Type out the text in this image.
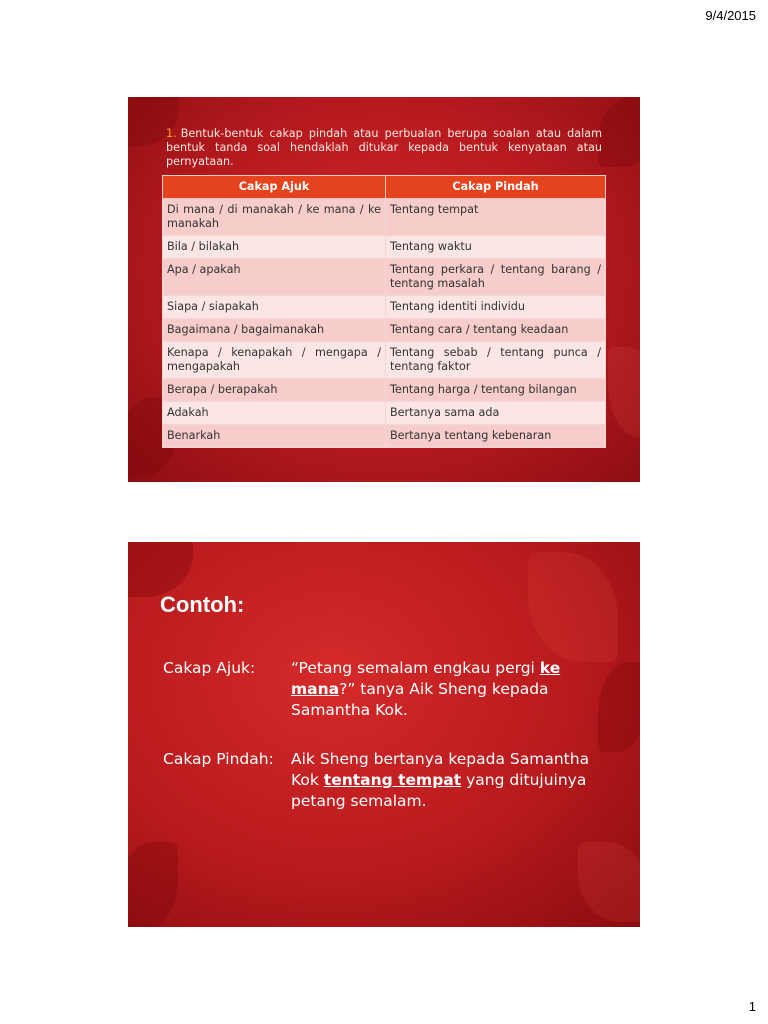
9/4/2015
1. Bentuk-bentuk cakap pindah atau perbualan berupa soalan atau dalam bentuk tanda soal hendaklah ditukar kepada bentuk kenyataan atau pernyataan.
Cakap Ajuk	Cakap Pindah
Di mana / di manakah / ke mana / ke manakah	Tentang tempat
Bila / bilakah	Tentang waktu
Apa / apakah	Tentang perkara / tentang barang / tentang masalah
Siapa / siapakah	Tentang identiti individu
Bagaimana / bagaimanakah	Tentang cara / tentang keadaan
Kenapa / kenapakah / mengapa / mengapakah	Tentang sebab / tentang punca / tentang faktor
Berapa / berapakah	Tentang harga / tentang bilangan
Adakah	Bertanya sama ada
Benarkah	Bertanya tentang kebenaran
Contoh:
Cakap Ajuk: “Petang semalam engkau pergi ke mana?” tanya Aik Sheng kepada Samantha Kok.
Cakap Pindah: Aik Sheng bertanya kepada Samantha Kok tentang tempat yang ditujuinya petang semalam.
1
